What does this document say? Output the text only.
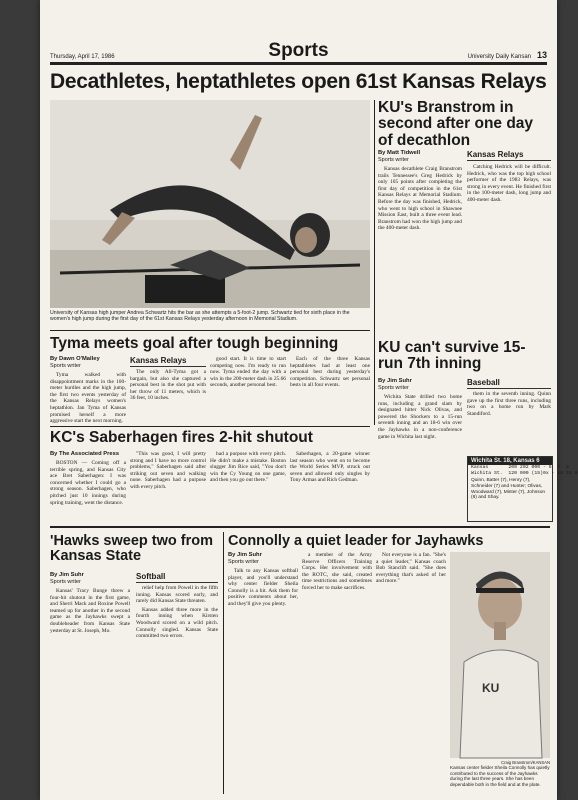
Thursday, April 17, 1986	Sports	University Daily Kansan 13
Decathletes, heptathletes open 61st Kansas Relays
University of Kansas high jumper Andrea Schwartz hits the bar as she attempts a 5-foot-2 jump. Schwartz tied for sixth place in the women's high jump during the first day of the 61st Kansas Relays yesterday afternoon in Memorial Stadium.
KU's Branstrom in second after one day of decathlon
By Matt Tidwell
Sports writer

Kansas decathlete Craig Branstrom trails Tennessee's Greg Hedrick by only 105 points after completing the first day of competition in the 61st Kansas Relays at Memorial Stadium. Before the day was finished, Hedrick, who went to high school in Shawnee Mission East, built a three event lead. Branstrom had won the high jump and the 400-meter dash.

Kansas Relays

Catching Hedrick will be difficult. Hedrick, who was the top high school performer of the 1983 Relays, was strong in every event. He finished first in the 100-meter dash, long jump and 400-meter dash.

Tyma meets goal after tough beginning
By Dawn O'Malley
Sports writer

Tyma walked with disappointment marks in the 100-meter hurdles and the high jump, the first two events yesterday of the Kansas Relays women's heptathlon. Jan Tyma of Kansas promised herself a more aggressive start the next morning.

Kansas Relays

The only All-Tyma got a bargain, but also she captured a personal best in the shot put with her throw of 11 meters, which is 36 feet, 10 inches.

good start. It is time to start competing now. I'm ready to run now. Tyma ended the day with a win in the 200-meter dash in 25.66 seconds, another personal best.

Each of the three Kansas heptathletes had at least one personal best during yesterday's competition. Schwartz set personal bests in all four events.

KU can't survive 15-run 7th inning
By Jim Suhr
Sports writer

Wichita State drilled two home runs, including a grand slam by designated hitter Nick Olivas, and powered the Shockers to a 15-run seventh inning and an 18-6 win over the Jayhawks in a non-conference game in Wichita last night.

Baseball

them in the seventh inning. Quinn gave up the first three runs, including two on a home run by Mark Standiford.

Wichita St. 18, Kansas 6
Kansas       200 202 000 - 6  7  2
Wichita St.  120 000 (15)0x - 18 15 0
Quinn, Batter (7), Henry (7), Schneider (7) and Hunter; Olivas, Woodward (7), Minter (7), Johnson (8) and Shay.
KC's Saberhagen fires 2-hit shutout
By The Associated Press

BOSTON — Coming off a terrible spring, and Kansas City ace Bret Saberhagen: I was concerned whether I could go a strong season. Saberhagen, who pitched just 10 innings during spring training, went the distance.

"This was good, I will pretty strong and I have no more control problems," Saberhagen said after striking out seven and walking none. Saberhagen had a purpose with every pitch.

had a purpose with every pitch. He didn't make a mistake. Boston slugger Jim Rice said, "You don't win the Cy Young on one game, and then you go out there."

Saberhagen, a 20-game winner last season who went on to become the World Series MVP, struck out seven and allowed only singles by Tony Armas and Rich Gedman.

'Hawks sweep two from Kansas State
By Jim Suhr
Sports writer

Kansas' Tracy Bunge threw a four-hit shutout in the first game, and Sherri Mack and Roxine Powell teamed up for another in the second game as the Jayhawks swept a doubleheader from Kansas State yesterday at St. Joseph, Mo.

Softball

relief help from Powell in the fifth inning. Kansas scored early, and rarely did Kansas State threaten.

Kansas added three more in the fourth inning when Kirsten Woodward scored on a wild pitch. Connolly singled. Kansas State committed two errors.

Connolly a quiet leader for Jayhawks
By Jim Suhr
Sports writer

Talk to any Kansas softball player, and you'll understand why center fielder Sheila Connolly is a hit. Ask them for positive comments about her, and they'll give you plenty.

a member of the Army Reserve Officers Training Corps. Her involvement with the ROTC, she said, created time restrictions and sometimes forced her to make sacrifices.

Not everyone is a fan. "She's a quiet leader," Kansas coach Bob Stanclift said. "She does everything that's asked of her and more."

KU
Craig Branstrom/KANSAN
Kansas center fielder Sheila Connolly has quietly contributed to the success of the Jayhawks during the last three years. She has been dependable both in the field and at the plate.
